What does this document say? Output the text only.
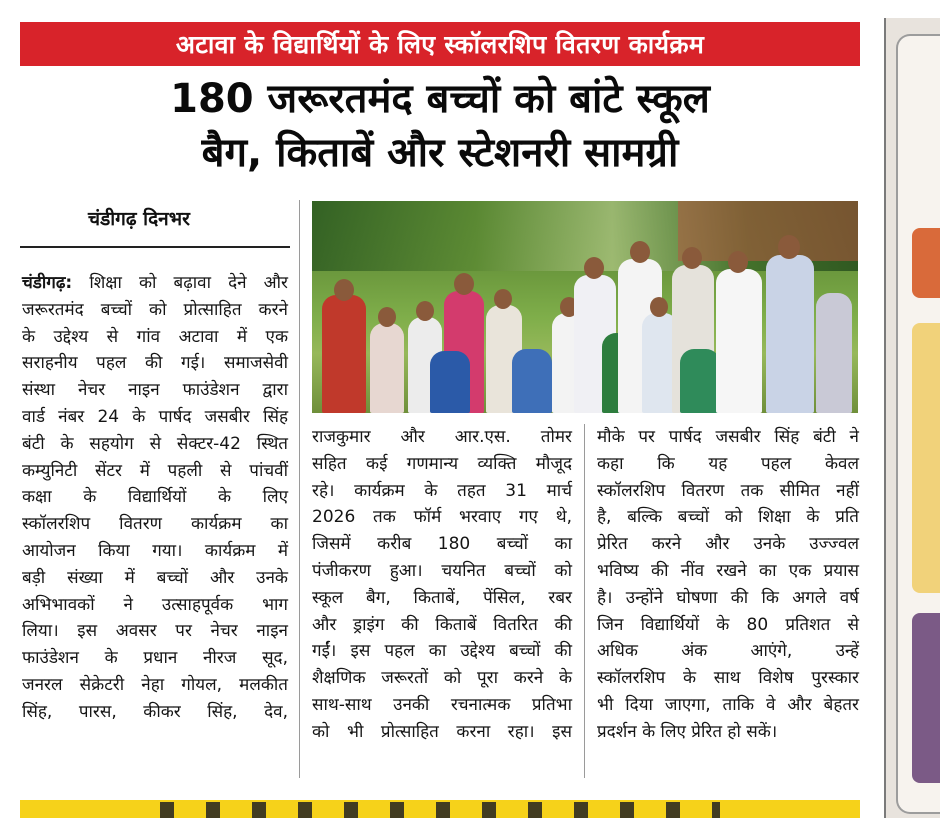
अटावा के विद्यार्थियों के लिए स्कॉलरशिप वितरण कार्यक्रम
180 जरूरतमंद बच्चों को बांटे स्कूल
बैग, किताबें और स्टेशनरी सामग्री
चंडीगढ़ दिनभर
चंडीगढ़: शिक्षा को बढ़ावा देने और
जरूरतमंद बच्चों को प्रोत्साहित करने
के उद्देश्य से गांव अटावा में एक
सराहनीय पहल की गई। समाजसेवी
संस्था नेचर नाइन फाउंडेशन द्वारा
वार्ड नंबर 24 के पार्षद जसबीर सिंह
बंटी के सहयोग से सेक्टर-42 स्थित
कम्युनिटी सेंटर में पहली से पांचवीं
कक्षा के विद्यार्थियों के लिए
स्कॉलरशिप वितरण कार्यक्रम का
आयोजन किया गया। कार्यक्रम में
बड़ी संख्या में बच्चों और उनके
अभिभावकों ने उत्साहपूर्वक भाग
लिया। इस अवसर पर नेचर नाइन
फाउंडेशन के प्रधान नीरज सूद,
जनरल सेक्रेटरी नेहा गोयल, मलकीत
सिंह, पारस, कीकर सिंह, देव,
राजकुमार और आर.एस. तोमर
सहित कई गणमान्य व्यक्ति मौजूद
रहे। कार्यक्रम के तहत 31 मार्च
2026 तक फॉर्म भरवाए गए थे,
जिसमें करीब 180 बच्चों का
पंजीकरण हुआ। चयनित बच्चों को
स्कूल बैग, किताबें, पेंसिल, रबर
और ड्राइंग की किताबें वितरित की
गईं। इस पहल का उद्देश्य बच्चों की
शैक्षणिक जरूरतों को पूरा करने के
साथ-साथ उनकी रचनात्मक प्रतिभा
को भी प्रोत्साहित करना रहा। इस
मौके पर पार्षद जसबीर सिंह बंटी ने
कहा कि यह पहल केवल
स्कॉलरशिप वितरण तक सीमित नहीं
है, बल्कि बच्चों को शिक्षा के प्रति
प्रेरित करने और उनके उज्ज्वल
भविष्य की नींव रखने का एक प्रयास
है। उन्होंने घोषणा की कि अगले वर्ष
जिन विद्यार्थियों के 80 प्रतिशत से
अधिक अंक आएंगे, उन्हें
स्कॉलरशिप के साथ विशेष पुरस्कार
भी दिया जाएगा, ताकि वे और बेहतर
प्रदर्शन के लिए प्रेरित हो सकें।
